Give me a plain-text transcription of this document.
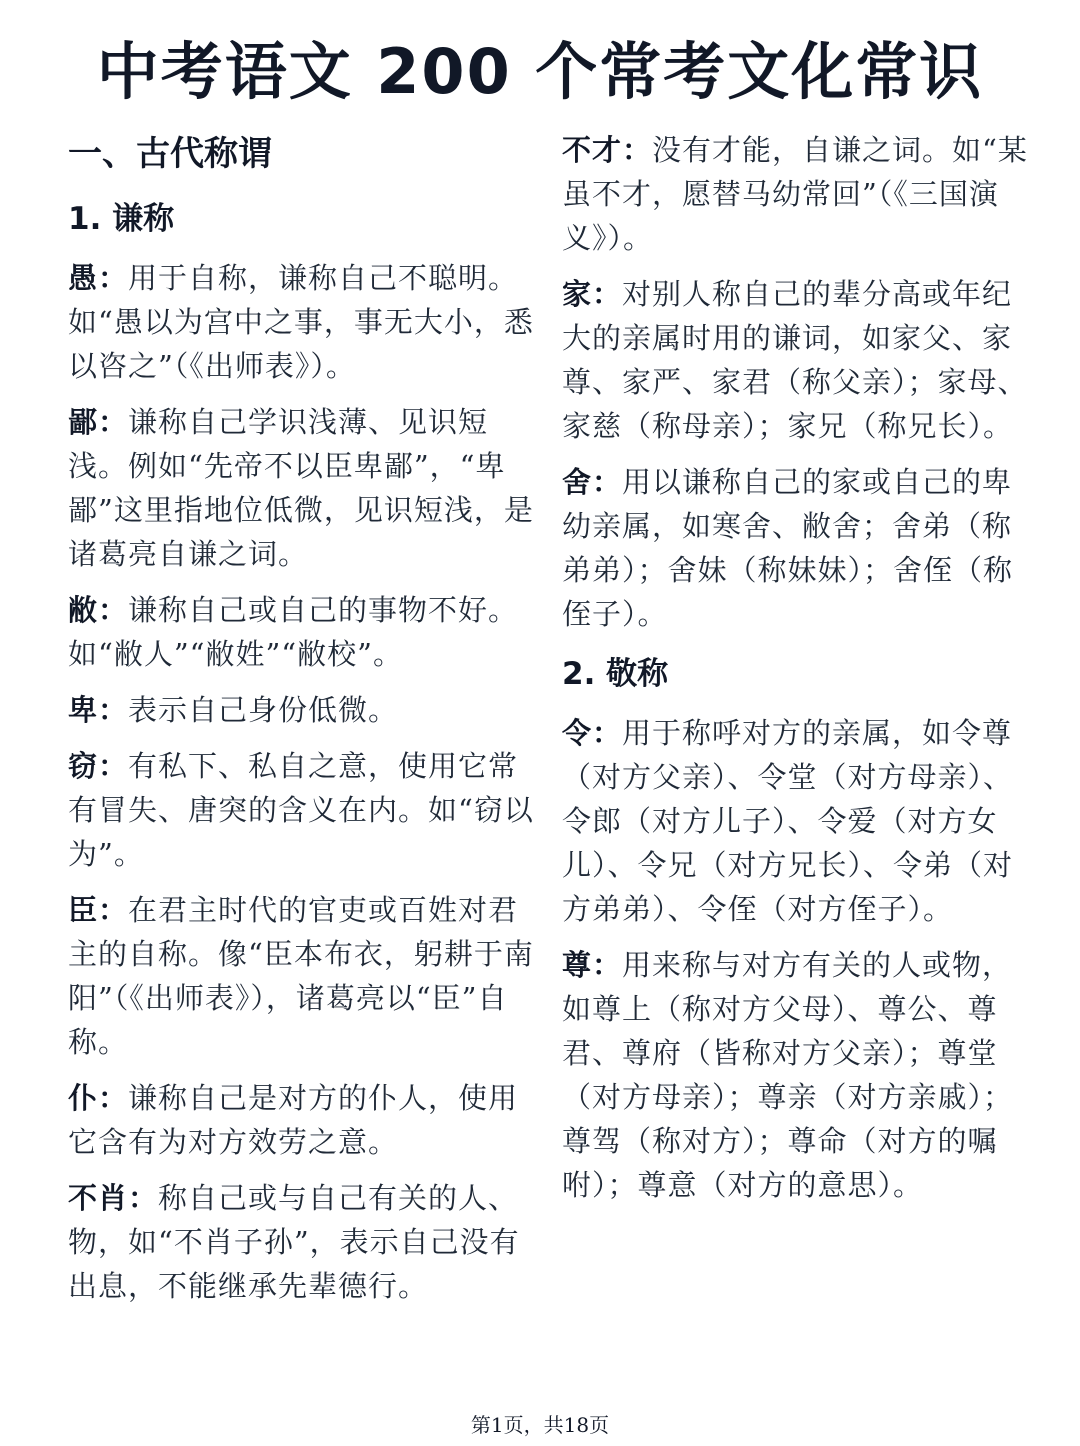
中考语文 200 个常考文化常识
一、古代称谓
1. 谦称
愚：用于自称，谦称自己不聪明。如“愚以为宫中之事，事无大小，悉以咨之”（《出师表》）。
鄙：谦称自己学识浅薄、见识短浅。例如“先帝不以臣卑鄙”，“卑鄙”这里指地位低微，见识短浅，是诸葛亮自谦之词。
敝：谦称自己或自己的事物不好。如“敝人”“敝姓”“敝校”。
卑：表示自己身份低微。
窃：有私下、私自之意，使用它常有冒失、唐突的含义在内。如“窃以为”。
臣：在君主时代的官吏或百姓对君主的自称。像“臣本布衣，躬耕于南阳”（《出师表》），诸葛亮以“臣”自称。
仆：谦称自己是对方的仆人，使用它含有为对方效劳之意。
不肖：称自己或与自己有关的人、物，如“不肖子孙”，表示自己没有出息，不能继承先辈德行。
不才：没有才能，自谦之词。如“某虽不才，愿替马幼常回”（《三国演义》）。
家：对别人称自己的辈分高或年纪大的亲属时用的谦词，如家父、家尊、家严、家君（称父亲）；家母、家慈（称母亲）；家兄（称兄长）。
舍：用以谦称自己的家或自己的卑幼亲属，如寒舍、敝舍；舍弟（称弟弟）；舍妹（称妹妹）；舍侄（称侄子）。
2. 敬称
令：用于称呼对方的亲属，如令尊（对方父亲）、令堂（对方母亲）、令郎（对方儿子）、令爱（对方女儿）、令兄（对方兄长）、令弟（对方弟弟）、令侄（对方侄子）。
尊：用来称与对方有关的人或物，如尊上（称对方父母）、尊公、尊君、尊府（皆称对方父亲）；尊堂（对方母亲）；尊亲（对方亲戚）；尊驾（称对方）；尊命（对方的嘱咐）；尊意（对方的意思）。
第1页，共18页
